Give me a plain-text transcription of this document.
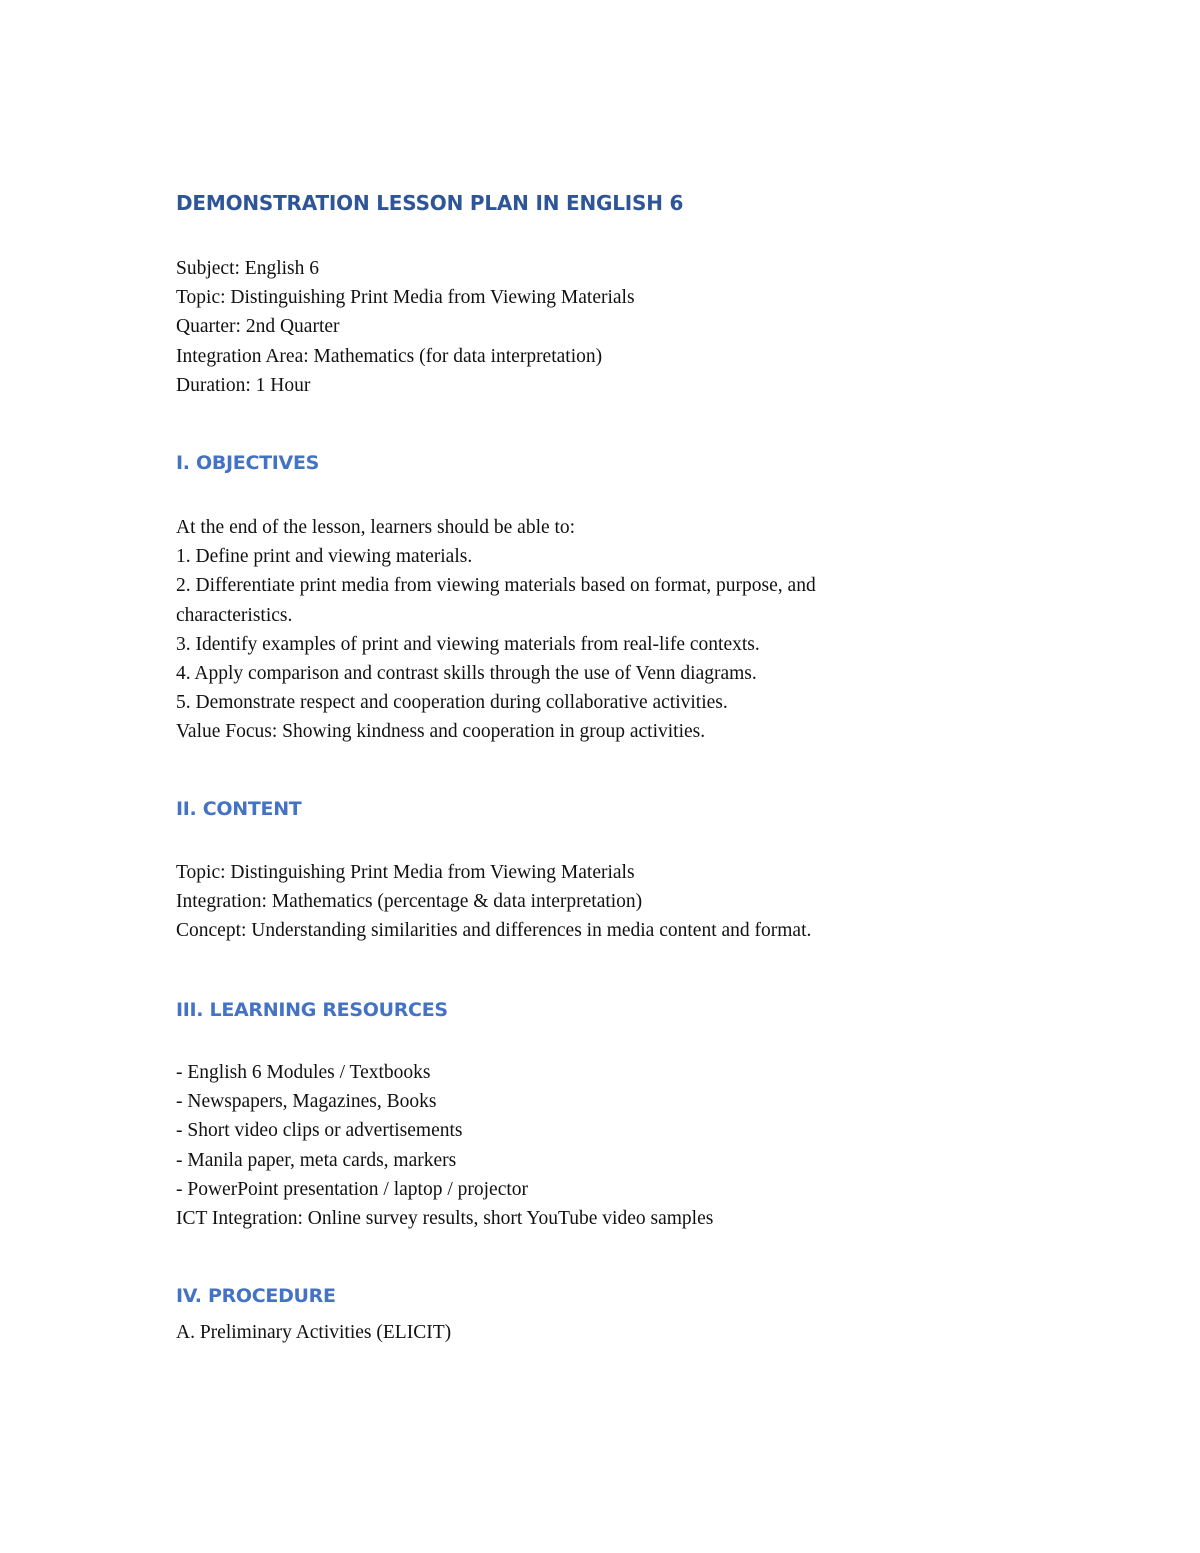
DEMONSTRATION LESSON PLAN IN ENGLISH 6
Subject: English 6
Topic: Distinguishing Print Media from Viewing Materials
Quarter: 2nd Quarter
Integration Area: Mathematics (for data interpretation)
Duration: 1 Hour
I. OBJECTIVES
At the end of the lesson, learners should be able to:
1. Define print and viewing materials.
2. Differentiate print media from viewing materials based on format, purpose, and
characteristics.
3. Identify examples of print and viewing materials from real-life contexts.
4. Apply comparison and contrast skills through the use of Venn diagrams.
5. Demonstrate respect and cooperation during collaborative activities.
Value Focus: Showing kindness and cooperation in group activities.
II. CONTENT
Topic: Distinguishing Print Media from Viewing Materials
Integration: Mathematics (percentage & data interpretation)
Concept: Understanding similarities and differences in media content and format.
III. LEARNING RESOURCES
- English 6 Modules / Textbooks
- Newspapers, Magazines, Books
- Short video clips or advertisements
- Manila paper, meta cards, markers
- PowerPoint presentation / laptop / projector
ICT Integration: Online survey results, short YouTube video samples
IV. PROCEDURE
A. Preliminary Activities (ELICIT)
